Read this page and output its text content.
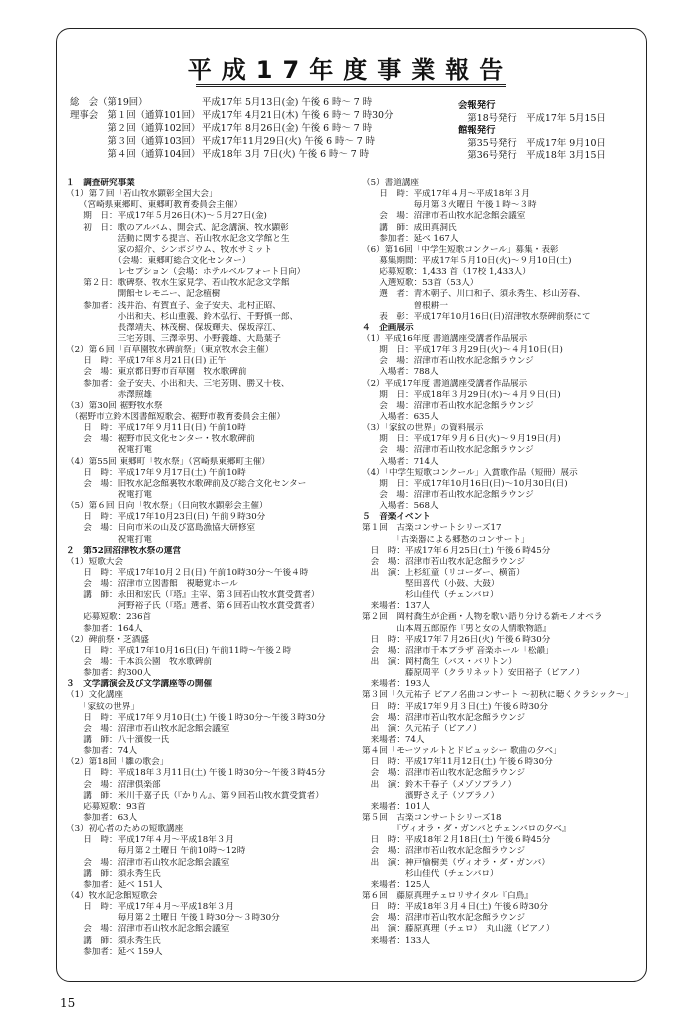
平成17年度事業報告
総　会（第19回）	平成17年 5月13日(金) 午後 6 時〜 7 時
理事会　第１回（通算101回） 平成17年 4月21日(木) 午後 6 時〜 7 時30分
　　　　第２回（通算102回） 平成17年 8月26日(金) 午後 6 時〜 7 時
　　　　第３回（通算103回） 平成17年11月29日(火) 午後 6 時〜 7 時
　　　　第４回（通算104回） 平成18年 3月 7日(火) 午後 6 時〜 7 時
会報発行
　第18号発行　平成17年 5月15日
館報発行
　第35号発行　平成17年 9月10日
　第36号発行　平成18年 3月15日
１　調査研究事業
（1）第７回「若山牧水顕彰全国大会」
　　（宮崎県東郷町、東郷町教育委員会主催）
　　期　日：平成17年５月26日(木)〜５月27日(金)
　　初　日：歌のアルバム、開会式、記念講演、牧水顕彰
　　　　　　活動に関する提言、若山牧水記念文学館と生
　　　　　　家の紹介、シンポジウム、牧水サミット
　　　　　　（会場：東郷町総合文化センター）
　　　　　　レセプション（会場：ホテルベルフォート日向）
　　第２日：歌碑祭、牧水生家見学、若山牧水記念文学館
　　　　　　開館セレモニー、記念植樹
　　参加者：浅井治、有賀直子、金子安夫、北村正昭、
　　　　　　小出和夫、杉山重義、鈴木弘行、千野慎一郎、
　　　　　　長澤靖夫、林茂樹、保坂輝夫、保坂淳江、
　　　　　　三宅芳則、三澤幸男、小野義雄、大島葉子
（2）第６回「百草園牧水碑前祭」（東京牧水会主催）
　　日　時：平成17年８月21日(日) 正午
　　会　場：東京都日野市百草園　牧水歌碑前
　　参加者：金子安夫、小出和夫、三宅芳則、勝又十枝、
　　　　　　赤澤照雄
（3）第30回 裾野牧水祭
　（裾野市立鈴木図書館短歌会、裾野市教育委員会主催）
　　日　時：平成17年９月11日(日) 午前10時
　　会　場：裾野市民文化センター・牧水歌碑前
　　　　　　祝電打電
（4）第55回 東郷町「牧水祭」（宮崎県東郷町主催）
　　日　時：平成17年９月17日(土) 午前10時
　　会　場：旧牧水記念館裏牧水歌碑前及び総合文化センター
　　　　　　祝電打電
（5）第６回 日向「牧水祭」（日向牧水顕彰会主催）
　　日　時：平成17年10月23日(日) 午前９時30分
　　会　場：日向市米の山及び富島漁協大研修室
　　　　　　祝電打電
２　第52回沼津牧水祭の運営
（1）短歌大会
　　日　時：平成17年10月２日(日) 午前10時30分〜午後４時
　　会　場：沼津市立図書館　視聴覚ホール
　　講　師：永田和宏氏（『塔』主宰、第３回若山牧水賞受賞者）
　　　　　　河野裕子氏（『塔』選者、第６回若山牧水賞受賞者）
　　応募短歌：236首
　　参加者：164人
（2）碑前祭・芝酒盛
　　日　時：平成17年10月16日(日) 午前11時〜午後２時
　　会　場：千本浜公園　牧水歌碑前
　　参加者：約300人
３　文学講演会及び文学講座等の開催
（1）文化講座
　　「家紋の世界」
　　日　時：平成17年９月10日(土) 午後１時30分〜午後３時30分
　　会　場：沼津市若山牧水記念館会議室
　　講　師：八十濱俊一氏
　　参加者：74人
（2）第18回「雛の歌会」
　　日　時：平成18年３月11日(土) 午後１時30分〜午後３時45分
　　会　場：沼津倶楽部
　　講　師：米川千嘉子氏（『かりん』、第９回若山牧水賞受賞者）
　　応募短歌：93首
　　参加者：63人
（3）初心者のための短歌講座
　　日　時：平成17年４月〜平成18年３月
　　　　　　毎月第２土曜日 午前10時〜12時
　　会　場：沼津市若山牧水記念館会議室
　　講　師：須永秀生氏
　　参加者：延べ 151人
（4）牧水記念館短歌会
　　日　時：平成17年４月〜平成18年３月
　　　　　　毎月第２土曜日 午後１時30分〜３時30分
　　会　場：沼津市若山牧水記念館会議室
　　講　師：須永秀生氏
　　参加者：延べ 159人
（5）書道講座
　　日　時：平成17年４月〜平成18年３月
　　　　　　毎月第３火曜日 午後１時〜３時
　　会　場：沼津市若山牧水記念館会議室
　　講　師：成田真洞氏
　　参加者：延べ 167人
（6）第16回「中学生短歌コンクール」募集・表彰
　　募集期間：平成17年５月10日(火)〜９月10日(土)
　　応募短歌：1,433 首（17校 1,433人）
　　入選短歌：53首（53人）
　　選　者：青木朝子、川口和子、須永秀生、杉山芳春、
　　　　　　曽根耕一
　　表　彰：平成17年10月16日(日)沼津牧水祭碑前祭にて
４　企画展示
（1）平成16年度 書道講座受講者作品展示
　　期　日：平成17年３月29日(火)〜４月10日(日)
　　会　場：沼津市若山牧水記念館ラウンジ
　　入場者：788人
（2）平成17年度 書道講座受講者作品展示
　　期　日：平成18年３月29日(水)〜４月９日(日)
　　会　場：沼津市若山牧水記念館ラウンジ
　　入場者：635人
（3）「家紋の世界」の資料展示
　　期　日：平成17年９月６日(火)〜９月19日(月)
　　会　場：沼津市若山牧水記念館ラウンジ
　　入場者：714人
（4）「中学生短歌コンクール」入賞歌作品（短冊）展示
　　期　日：平成17年10月16日(日)〜10月30日(日)
　　会　場：沼津市若山牧水記念館ラウンジ
　　入場者：568人
５　音楽イベント
第１回　古楽コンサートシリーズ17
　　　　「古楽器による郷愁のコンサート」
　日　時：平成17年６月25日(土) 午後６時45分
　会　場：沼津市若山牧水記念館ラウンジ
　出　演：上杉紅童（リコーダー、横笛）
　　　　　堅田喜代（小鼓、大鼓）
　　　　　杉山佳代（チェンバロ）
　来場者：137人
第２回　岡村喬生が企画・人物を歌い語り分ける新モノオペラ
　　　　山本周五郎原作『男と女の人情歌物語』
　日　時：平成17年７月26日(火) 午後６時30分
　会　場：沼津市千本プラザ 音楽ホール「松韻」
　出　演：岡村喬生（バス・バリトン）
　　　　　藤原周平（クラリネット）安田裕子（ピアノ）
　来場者：193人
第３回「久元祐子 ピアノ名曲コンサート 〜初秋に聴くクラシック〜」
　日　時：平成17年９月３日(土) 午後６時30分
　会　場：沼津市若山牧水記念館ラウンジ
　出　演：久元祐子（ピアノ）
　来場者：74人
第４回「モーツァルトとドビュッシー 歌曲の夕べ」
　日　時：平成17年11月12日(土) 午後６時30分
　会　場：沼津市若山牧水記念館ラウンジ
　出　演：鈴木千春子（メゾソプラノ）
　　　　　濱野さえ子（ソプラノ）
　来場者：101人
第５回　古楽コンサートシリーズ18
　　　　『ヴィオラ・ダ・ガンバとチェンバロの夕べ』
　日　時：平成18年２月18日(土) 午後６時45分
　会　場：沼津市若山牧水記念館ラウンジ
　出　演：神戸愉樹美（ヴィオラ・ダ・ガンバ）
　　　　　杉山佳代（チェンバロ）
　来場者：125人
第６回　藤原真理チェロリサイタル『白鳥』
　日　時：平成18年３月４日(土) 午後６時30分
　会　場：沼津市若山牧水記念館ラウンジ
　出　演：藤原真理（チェロ）　丸山滋（ピアノ）
　来場者：133人
15
